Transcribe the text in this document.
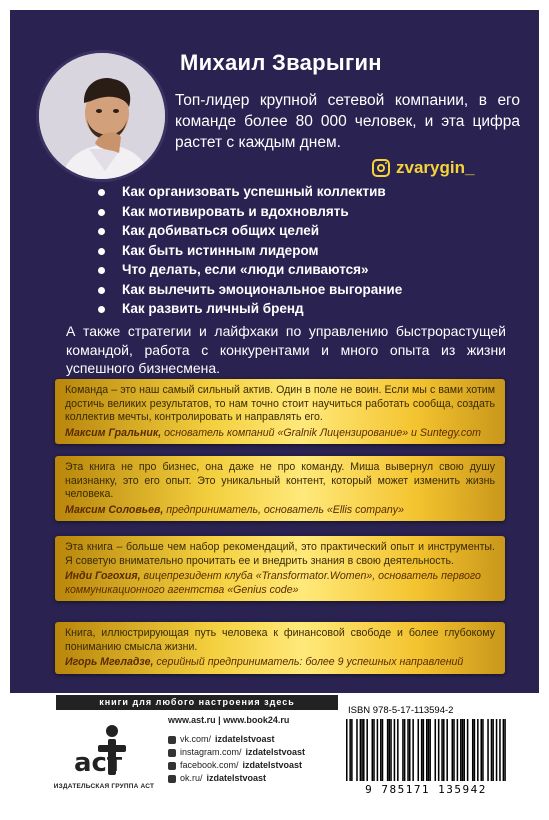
Михаил Зварыгин
Топ-лидер крупной сетевой компании, в его команде более 80 000 человек, и эта цифра растет с каждым днем.
zvarygin_
Как организовать успешный коллектив
Как мотивировать и вдохновлять
Как добиваться общих целей
Как быть истинным лидером
Что делать, если «люди сливаются»
Как вылечить эмоциональное выгорание
Как развить личный бренд
А также стратегии и лайфхаки по управлению быстрорастущей командой, работа с конкурентами и много опыта из жизни успешного бизнесмена.
Команда – это наш самый сильный актив. Один в поле не воин. Если мы с вами хотим достичь великих результатов, то нам точно стоит научиться работать сообща, создать коллектив мечты, контролировать и направлять его.
Максим Гральник, основатель компаний «Gralnik Лицензирование» и Suntegy.com
Эта книга не про бизнес, она даже не про команду. Миша вывернул свою душу наизнанку, это его опыт. Это уникальный контент, который может изменить жизнь человека.
Максим Соловьев, предприниматель, основатель «Ellis company»
Эта книга – больше чем набор рекомендаций, это практический опыт и инструменты. Я советую внимательно прочитать ее и внедрить знания в свою деятельность.
Инди Гогохия, вицепрезидент клуба «Transformator.Women», основатель первого коммуникационного агентства «Genius code»
Книга, иллюстрирующая путь человека к финансовой свободе и более глубокому пониманию смысла жизни.
Игорь Мгеладзе, серийный предприниматель: более 9 успешных направлений
книги для любого настроения здесь
аст
ИЗДАТЕЛЬСКАЯ ГРУППА АСТ
www.ast.ru | www.book24.ru
vk.com/ izdatelstvoast
instagram.com/ izdatelstvoast
facebook.com/ izdatelstvoast
ok.ru/ izdatelstvoast
ISBN 978-5-17-113594-2
9 785171 135942
